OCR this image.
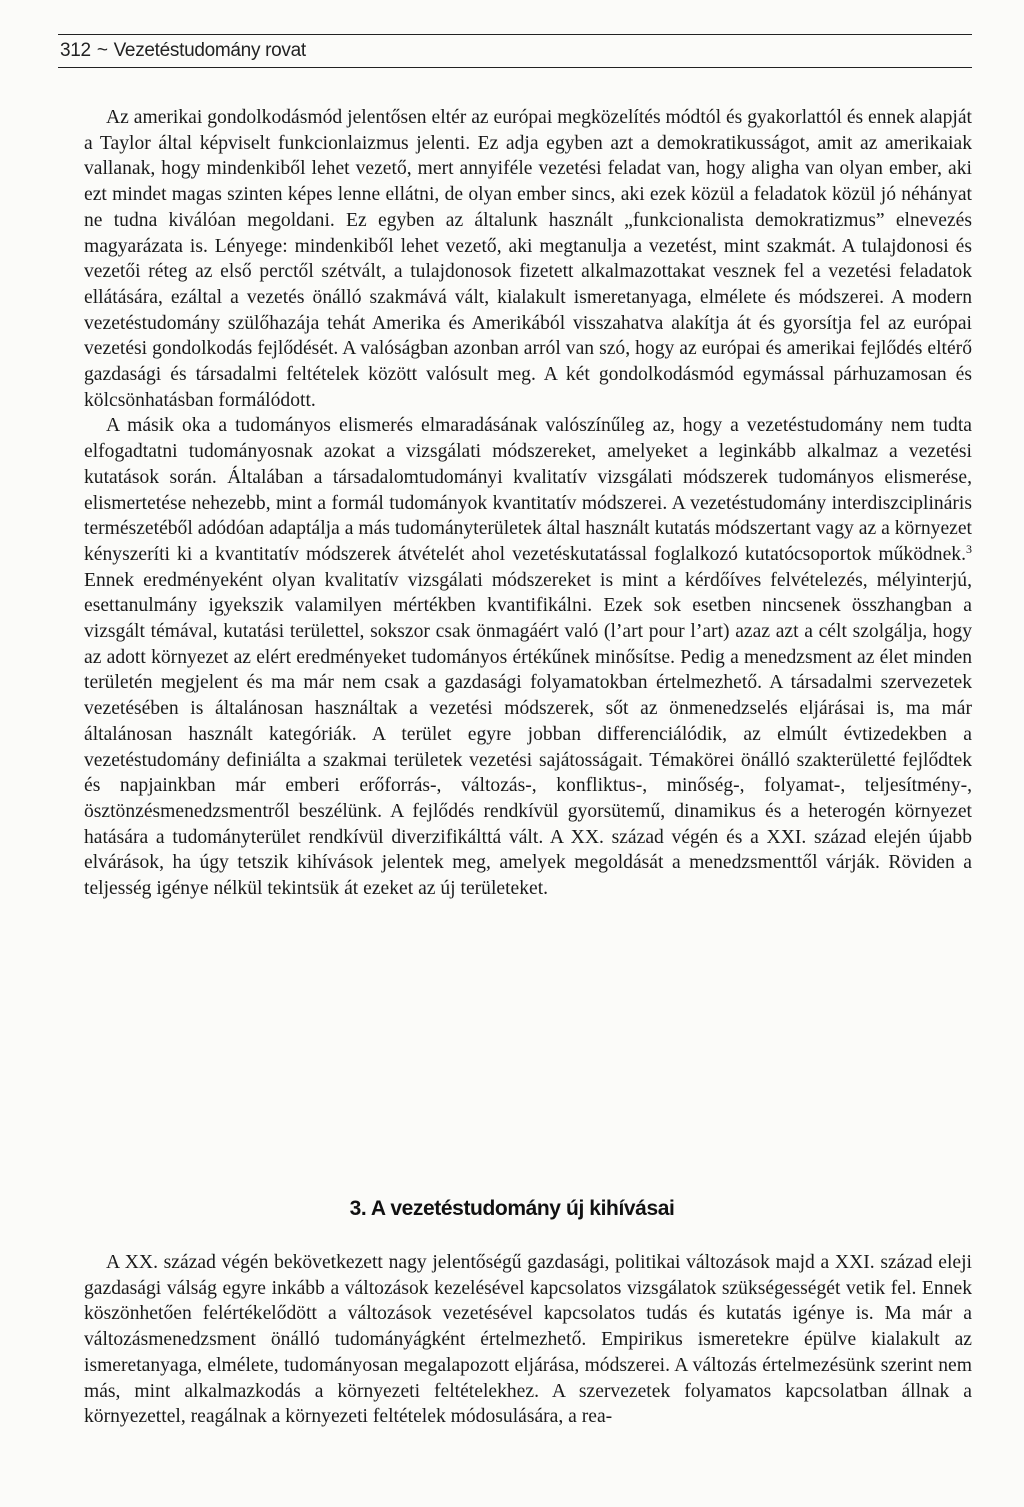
312 ~ Vezetéstudomány rovat

Az amerikai gondolkodásmód jelentősen eltér az európai megközelítés módtól és gyakorlattól és ennek alapját a Taylor által képviselt funkcionlaizmus jelenti. Ez adja egyben azt a demokratikusságot, amit az amerikaiak vallanak, hogy mindenkiből lehet vezető, mert annyiféle vezetési feladat van, hogy aligha van olyan ember, aki ezt mindet magas szinten képes lenne ellátni, de olyan ember sincs, aki ezek közül a feladatok közül jó néhányat ne tudna kiválóan megoldani. Ez egyben az általunk használt „funkcionalista demokratizmus” elnevezés magyarázata is. Lényege: mindenkiből lehet vezető, aki megtanulja a vezetést, mint szakmát. A tulajdonosi és vezetői réteg az első perctől szétvált, a tulajdonosok fizetett alkalmazottakat vesznek fel a vezetési feladatok ellátására, ezáltal a vezetés önálló szakmává vált, kialakult ismeretanyaga, elmélete és módszerei. A modern vezetéstudomány szülőhazája tehát Amerika és Amerikából visszahatva alakítja át és gyorsítja fel az európai vezetési gondolkodás fejlődését. A valóságban azonban arról van szó, hogy az európai és amerikai fejlődés eltérő gazdasági és társadalmi feltételek között valósult meg. A két gondolkodásmód egymással párhuzamosan és kölcsönhatásban formálódott.

A másik oka a tudományos elismerés elmaradásának valószínűleg az, hogy a vezetéstudomány nem tudta elfogadtatni tudományosnak azokat a vizsgálati módszereket, amelyeket a leginkább alkalmaz a vezetési kutatások során. Általában a társadalomtudományi kvalitatív vizsgálati módszerek tudományos elismerése, elismertetése nehezebb, mint a formál tudományok kvantitatív módszerei. A vezetéstudomány interdiszciplináris természetéből adódóan adaptálja a más tudományterületek által használt kutatás módszertant vagy az a környezet kényszeríti ki a kvantitatív módszerek átvételét ahol vezetéskutatással foglalkozó kutatócsoportok működnek.$^3$ Ennek eredményeként olyan kvalitatív vizsgálati módszereket is mint a kérdőíves felvételezés, mélyinterjú, esettanulmány igyekszik valamilyen mértékben kvantifikálni. Ezek sok esetben nincsenek összhangban a vizsgált témával, kutatási területtel, sokszor csak önmagáért való (l’art pour l’art) azaz azt a célt szolgálja, hogy az adott környezet az elért eredményeket tudományos értékűnek minősítse. Pedig a menedzsment az élet minden területén megjelent és ma már nem csak a gazdasági folyamatokban értelmezhető. A társadalmi szervezetek vezetésében is általánosan használtak a vezetési módszerek, sőt az önmenedzselés eljárásai is, ma már általánosan használt kategóriák. A terület egyre jobban differenciálódik, az elmúlt évtizedekben a vezetéstudomány definiálta a szakmai területek vezetési sajátosságait. Témakörei önálló szakterületté fejlődtek és napjainkban már emberi erőforrás-, változás-, konfliktus-, minőség-, folyamat-, teljesítmény-, ösztönzésmenedzsmentről beszélünk. A fejlődés rendkívül gyorsütemű, dinamikus és a heterogén környezet hatására a tudományterület rendkívül diverzifikálttá vált. A XX. század végén és a XXI. század elején újabb elvárások, ha úgy tetszik kihívások jelentek meg, amelyek megoldását a menedzsmenttől várják. Röviden a teljesség igénye nélkül tekintsük át ezeket az új területeket.

3. A vezetéstudomány új kihívásai

A XX. század végén bekövetkezett nagy jelentőségű gazdasági, politikai változások majd a XXI. század eleji gazdasági válság egyre inkább a változások kezelésével kapcsolatos vizsgálatok szükségességét vetik fel. Ennek köszönhetően felértékelődött a változások vezetésével kapcsolatos tudás és kutatás igénye is. Ma már a változásmenedzsment önálló tudományágként értelmezhető. Empirikus ismeretekre épülve kialakult az ismeretanyaga, elmélete, tudományosan megalapozott eljárása, módszerei. A változás értelmezésünk szerint nem más, mint alkalmazkodás a környezeti feltételekhez. A szervezetek folyamatos kapcsolatban állnak a környezettel, reagálnak a környezeti feltételek módosulására, a rea-
